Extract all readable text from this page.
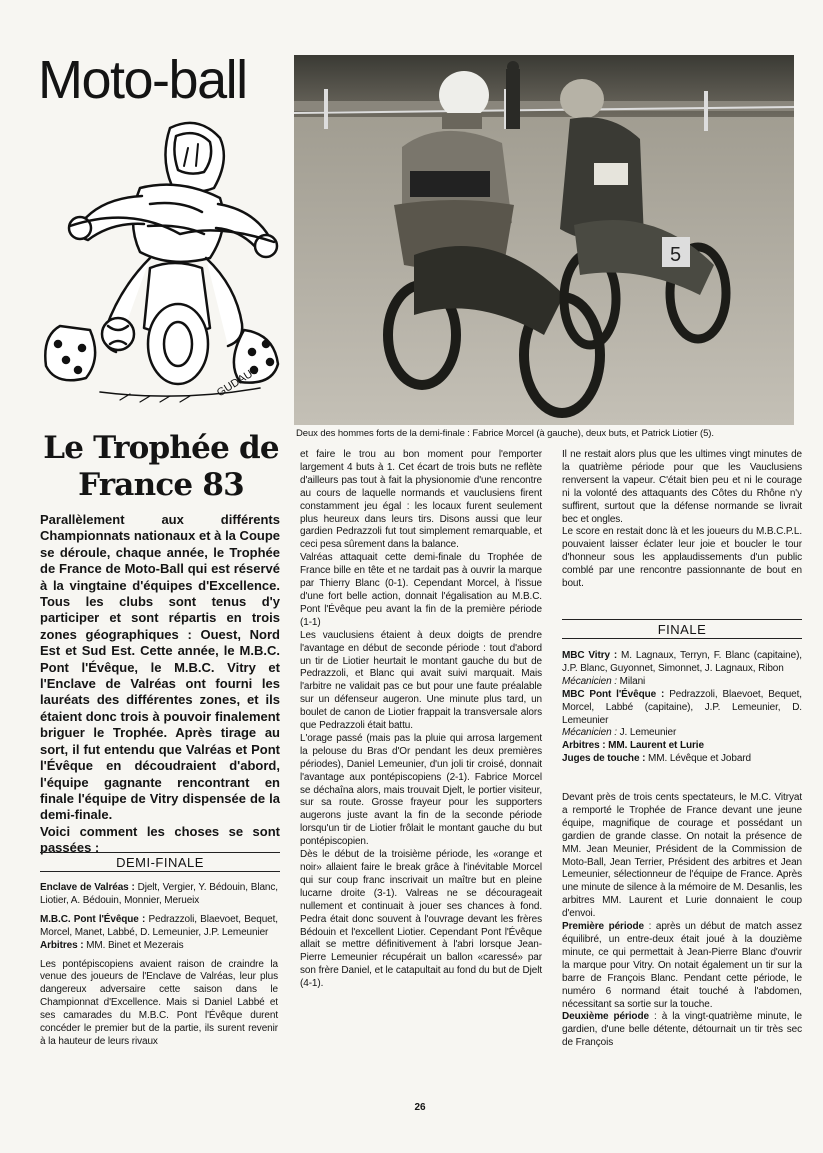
Moto-ball
GUDAUT
5
Deux des hommes forts de la demi-finale : Fabrice Morcel (à gauche), deux buts, et Patrick Liotier (5).
Le Trophée de France 83

Parallèlement aux différents Championnats nationaux et à la Coupe se déroule, chaque année, le Trophée de France de Moto-Ball qui est réservé à la vingtaine d'équipes d'Excellence. Tous les clubs sont tenus d'y participer et sont répartis en trois zones géographiques : Ouest, Nord Est et Sud Est. Cette année, le M.B.C. Pont l'Évêque, le M.B.C. Vitry et l'Enclave de Valréas ont fourni les lauréats des différentes zones, et ils étaient donc trois à pouvoir finalement briguer le Trophée. Après tirage au sort, il fut entendu que Valréas et Pont l'Évêque en découdraient d'abord, l'équipe gagnante rencontrant en finale l'équipe de Vitry dispensée de la demi-finale.

Voici comment les choses se sont passées :

DEMI-FINALE

Enclave de Valréas : Djelt, Vergier, Y. Bédouin, Blanc, Liotier, A. Bédouin, Monnier, Merueix

M.B.C. Pont l'Évêque : Pedrazzoli, Blaevoet, Bequet, Morcel, Manet, Labbé, D. Lemeunier, J.P. Lemeunier

Arbitres : MM. Binet et Mezerais

Les pontépiscopiens avaient raison de craindre la venue des joueurs de l'Enclave de Valréas, leur plus dangereux adversaire cette saison dans le Championnat d'Excellence. Mais si Daniel Labbé et ses camarades du M.B.C. Pont l'Évêque durent concéder le premier but de la partie, ils surent revenir à la hauteur de leurs rivaux

et faire le trou au bon moment pour l'emporter largement 4 buts à 1. Cet écart de trois buts ne reflète d'ailleurs pas tout à fait la physionomie d'une rencontre au cours de laquelle normands et vauclusiens firent constamment jeu égal : les locaux furent seulement plus heureux dans leurs tirs. Disons aussi que leur gardien Pedrazzoli fut tout simplement remarquable, et ceci pesa sûrement dans la balance.

Valréas attaquait cette demi-finale du Trophée de France bille en tête et ne tardait pas à ouvrir la marque par Thierry Blanc (0-1). Cependant Morcel, à l'issue d'une fort belle action, donnait l'égalisation au M.B.C. Pont l'Évêque peu avant la fin de la première période (1-1)

Les vauclusiens étaient à deux doigts de prendre l'avantage en début de seconde période : tout d'abord un tir de Liotier heurtait le montant gauche du but de Pedrazzoli, et Blanc qui avait suivi marquait. Mais l'arbitre ne validait pas ce but pour une faute préalable sur un défenseur augeron. Une minute plus tard, un boulet de canon de Liotier frappait la transversale alors que Pedrazzoli était battu.

L'orage passé (mais pas la pluie qui arrosa largement la pelouse du Bras d'Or pendant les deux premières périodes), Daniel Lemeunier, d'un joli tir croisé, donnait l'avantage aux pontépiscopiens (2-1). Fabrice Morcel se déchaîna alors, mais trouvait Djelt, le portier visiteur, sur sa route. Grosse frayeur pour les supporters augerons juste avant la fin de la seconde période lorsqu'un tir de Liotier frôlait le montant gauche du but pontépiscopien.

Dès le début de la troisième période, les «orange et noir» allaient faire le break grâce à l'inévitable Morcel qui sur coup franc inscrivait un maître but en pleine lucarne droite (3-1). Valreas ne se décourageait nullement et continuait à jouer ses chances à fond. Pedra était donc souvent à l'ouvrage devant les frères Bédouin et l'excellent Liotier. Cependant Pont l'Évêque allait se mettre définitivement à l'abri lorsque Jean-Pierre Lemeunier récupérait un ballon «caressé» par son frère Daniel, et le catapultait au fond du but de Djelt (4-1).

Il ne restait alors plus que les ultimes vingt minutes de la quatrième période pour que les Vauclusiens renversent la vapeur. C'était bien peu et ni le courage ni la volonté des attaquants des Côtes du Rhône n'y suffirent, surtout que la défense normande se livrait bec et ongles.
Le score en restait donc là et les joueurs du M.B.C.P.L. pouvaient laisser éclater leur joie et boucler le tour d'honneur sous les applaudissements d'un public comblé par une rencontre passionnante de bout en bout.
FINALE

MBC Vitry : M. Lagnaux, Terryn, F. Blanc (capitaine), J.P. Blanc, Guyonnet, Simonnet, J. Lagnaux, Ribon

Mécanicien : Milani

MBC Pont l'Évêque : Pedrazzoli, Blaevoet, Bequet, Morcel, Labbé (capitaine), J.P. Lemeunier, D. Lemeunier

Mécanicien : J. Lemeunier

Arbitres : MM. Laurent et Lurie

Juges de touche : MM. Lévêque et Jobard

Devant près de trois cents spectateurs, le M.C. Vitryat a remporté le Trophée de France devant une jeune équipe, magnifique de courage et possédant un gardien de grande classe. On notait la présence de MM. Jean Meunier, Président de la Commission de Moto-Ball, Jean Terrier, Président des arbitres et Jean Lemeunier, sélectionneur de l'équipe de France. Après une minute de silence à la mémoire de M. Desanlis, les arbitres MM. Laurent et Lurie donnaient le coup d'envoi.

Première période : après un début de match assez équilibré, un entre-deux était joué à la douzième minute, ce qui permettait à Jean-Pierre Blanc d'ouvrir la marque pour Vitry. On notait également un tir sur la barre de François Blanc. Pendant cette période, le numéro 6 normand était touché à l'abdomen, nécessitant sa sortie sur la touche.

Deuxième période : à la vingt-quatrième minute, le gardien, d'une belle détente, détournait un tir très sec de François

26
